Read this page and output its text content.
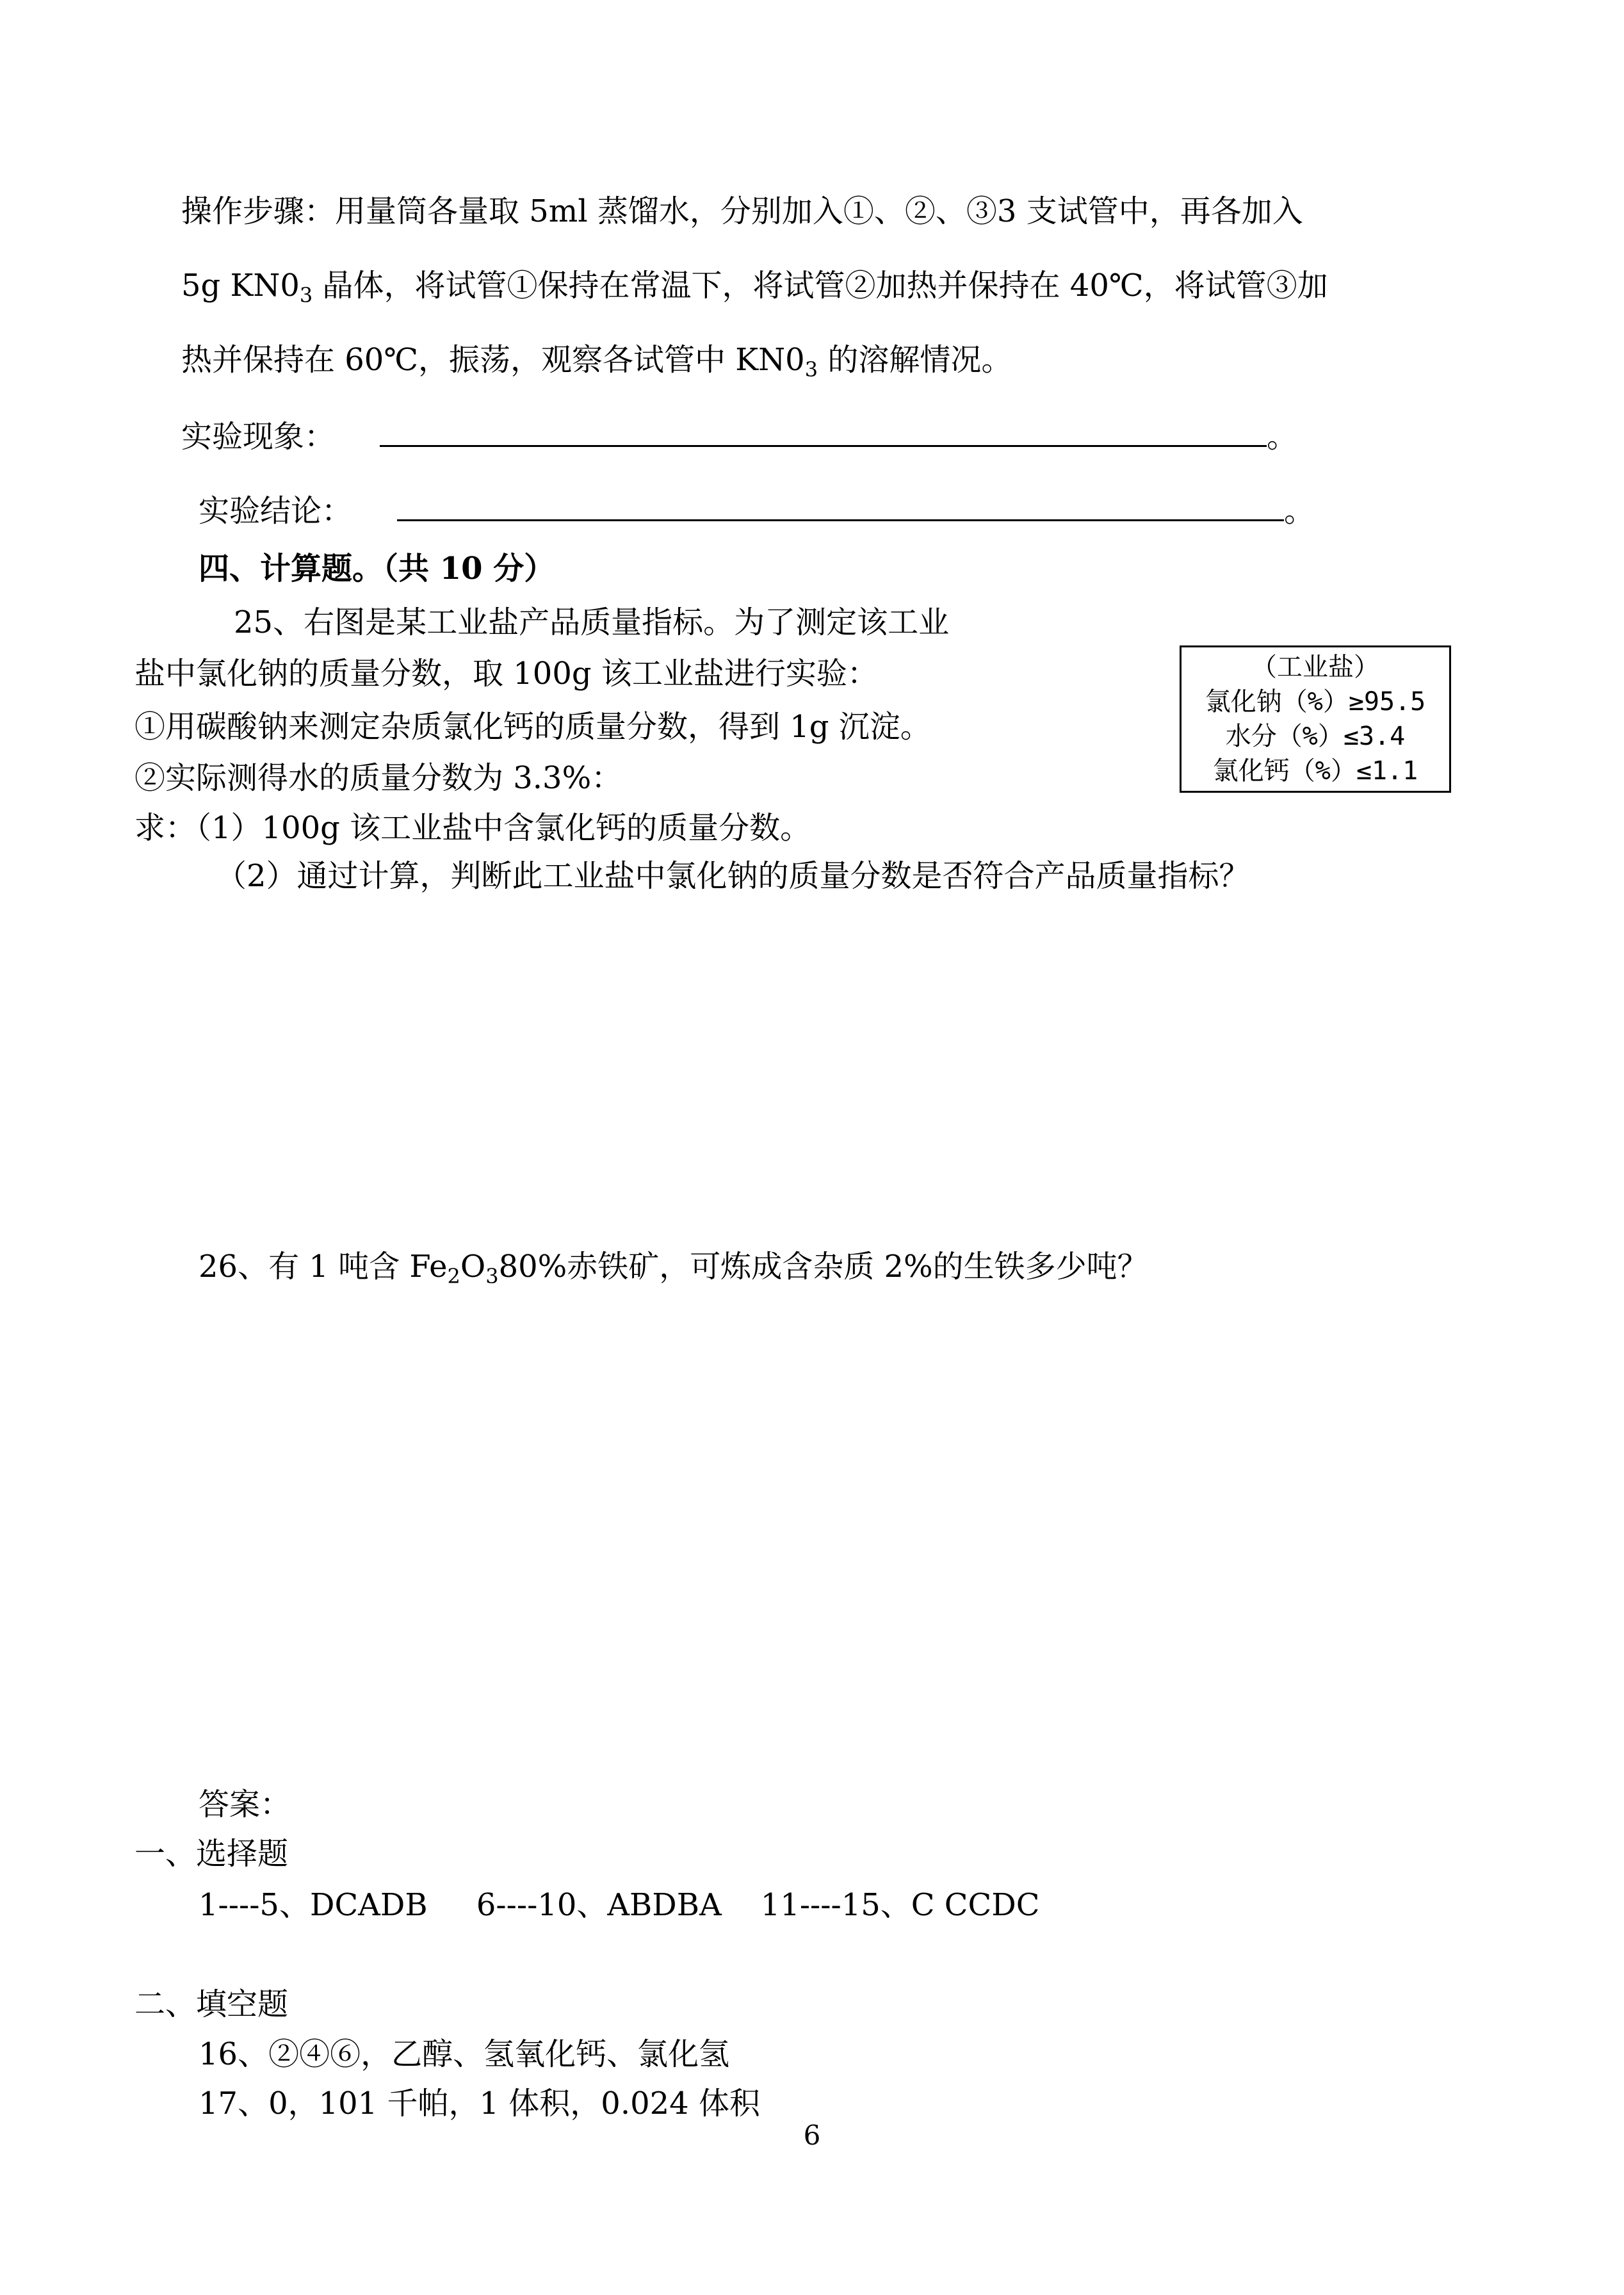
操作步骤：用量筒各量取 5ml 蒸馏水，分别加入①、②、③3 支试管中，再各加入
5g $KN0_3$ 晶体，将试管①保持在常温下，将试管②加热并保持在 40℃，将试管③加
热并保持在 60℃，振荡，观察各试管中 $KN0_3$ 的溶解情况。
实验现象：	。
实验结论：	。
四、计算题。（共 10 分）
25、右图是某工业盐产品质量指标。为了测定该工业
盐中氯化钠的质量分数，取 100g 该工业盐进行实验：
①用碳酸钠来测定杂质氯化钙的质量分数，得到 1g 沉淀。
②实际测得水的质量分数为 3.3%：
求：（1）100g 该工业盐中含氯化钙的质量分数。
（2）通过计算，判断此工业盐中氯化钠的质量分数是否符合产品质量指标？
（工业盐）
氯化钠（%）≥95.5
水分（%）≤3.4
氯化钙（%）≤1.1
26、有 1 吨含 $Fe_2O_380\%$赤铁矿，可炼成含杂质 2%的生铁多少吨？
答案：
一、选择题
1----5、DCADB     6----10、ABDBA    11----15、C CCDC
二、填空题
16、②④⑥，乙醇、氢氧化钙、氯化氢
17、0，101 千帕，1 体积，0.024 体积
6
